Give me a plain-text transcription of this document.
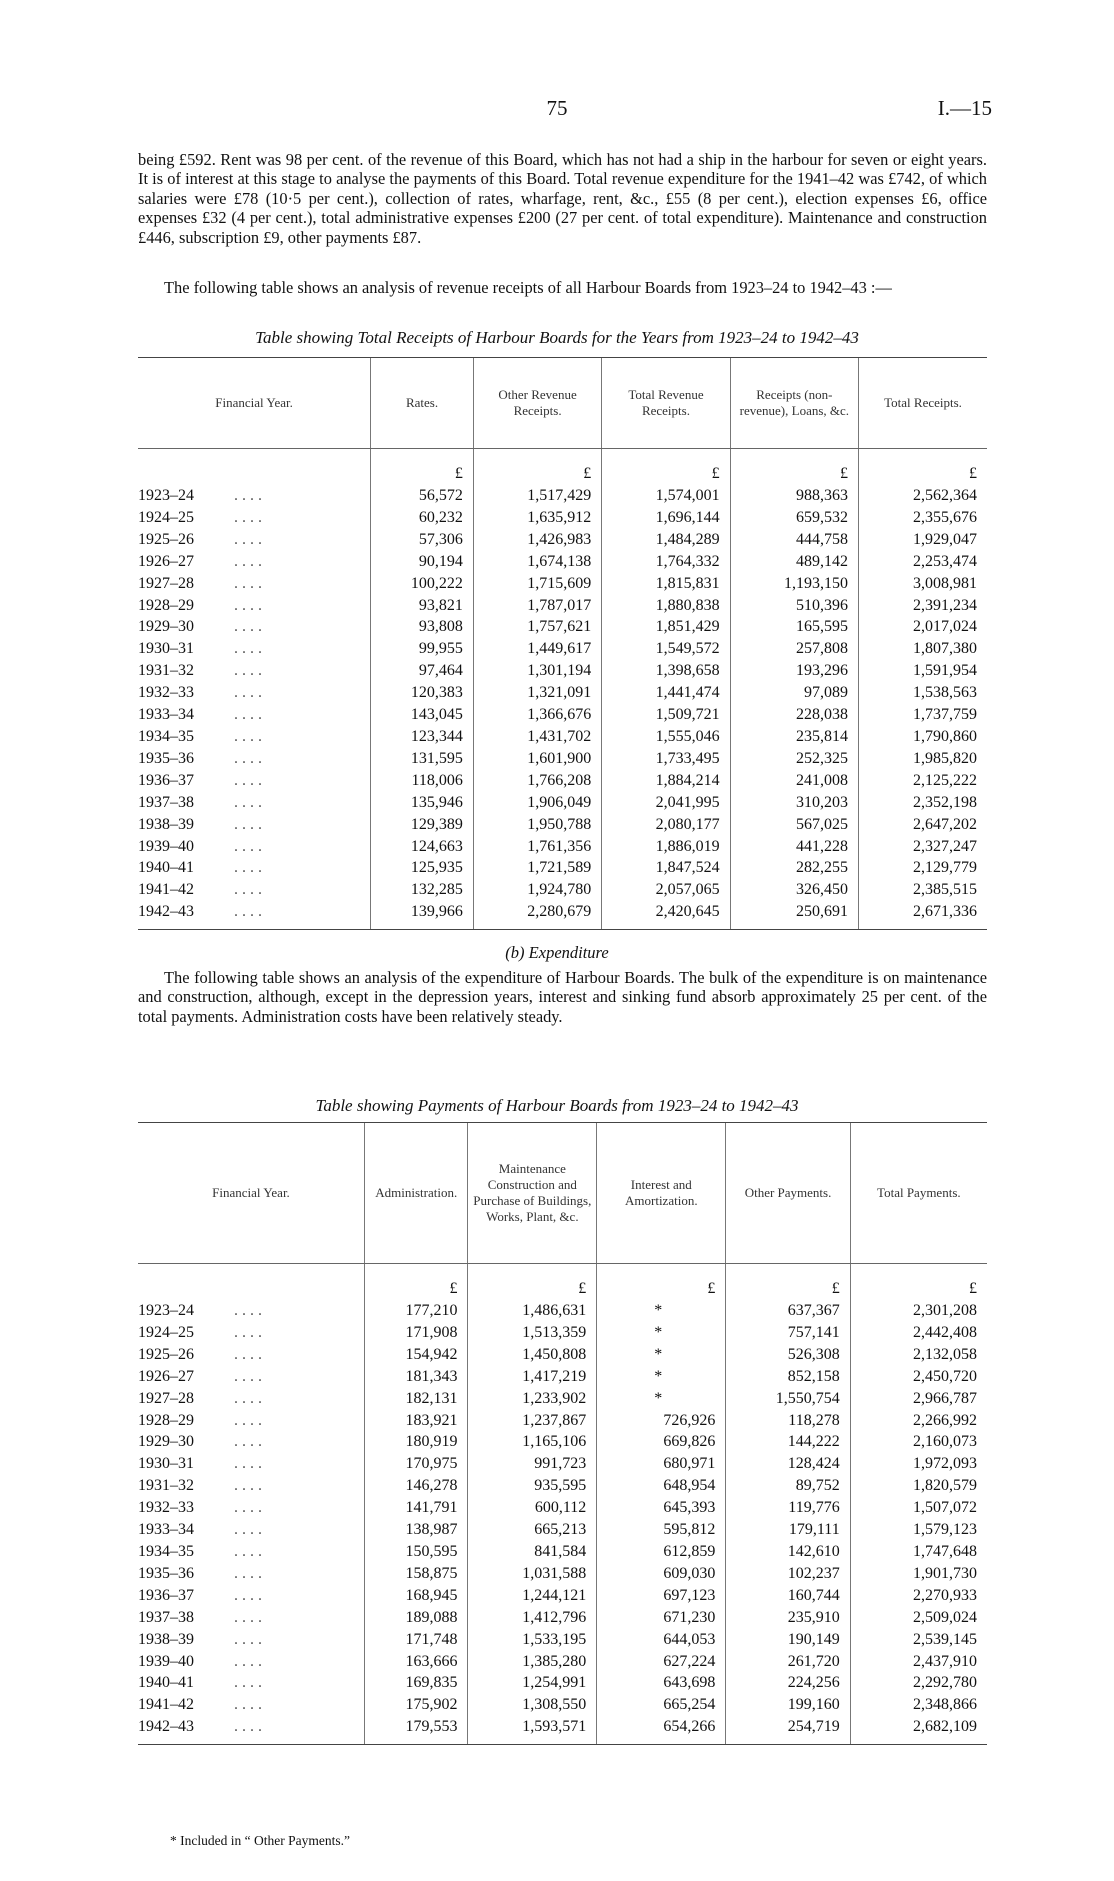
75	I.—15

being £592. Rent was 98 per cent. of the revenue of this Board, which has not had a ship in the harbour for seven or eight years. It is of interest at this stage to analyse the payments of this Board. Total revenue expenditure for the 1941–42 was £742, of which salaries were £78 (10·5 per cent.), collection of rates, wharfage, rent, &c., £55 (8 per cent.), election expenses £6, office expenses £32 (4 per cent.), total administrative expenses £200 (27 per cent. of total expenditure). Maintenance and construction £446, subscription £9, other payments £87.

The following table shows an analysis of revenue receipts of all Harbour Boards from 1923–24 to 1942–43 :—

Table showing Total Receipts of Harbour Boards for the Years from 1923–24 to 1942–43
Financial Year.	Rates.	Other Revenue Receipts.	Total Revenue Receipts.	Receipts (non-revenue), Loans, &c.	Total Receipts.
	£	£	£	£	£
1923–24 . . . .	56,572	1,517,429	1,574,001	988,363	2,562,364
1924–25 . . . .	60,232	1,635,912	1,696,144	659,532	2,355,676
1925–26 . . . .	57,306	1,426,983	1,484,289	444,758	1,929,047
1926–27 . . . .	90,194	1,674,138	1,764,332	489,142	2,253,474
1927–28 . . . .	100,222	1,715,609	1,815,831	1,193,150	3,008,981
1928–29 . . . .	93,821	1,787,017	1,880,838	510,396	2,391,234
1929–30 . . . .	93,808	1,757,621	1,851,429	165,595	2,017,024
1930–31 . . . .	99,955	1,449,617	1,549,572	257,808	1,807,380
1931–32 . . . .	97,464	1,301,194	1,398,658	193,296	1,591,954
1932–33 . . . .	120,383	1,321,091	1,441,474	97,089	1,538,563
1933–34 . . . .	143,045	1,366,676	1,509,721	228,038	1,737,759
1934–35 . . . .	123,344	1,431,702	1,555,046	235,814	1,790,860
1935–36 . . . .	131,595	1,601,900	1,733,495	252,325	1,985,820
1936–37 . . . .	118,006	1,766,208	1,884,214	241,008	2,125,222
1937–38 . . . .	135,946	1,906,049	2,041,995	310,203	2,352,198
1938–39 . . . .	129,389	1,950,788	2,080,177	567,025	2,647,202
1939–40 . . . .	124,663	1,761,356	1,886,019	441,228	2,327,247
1940–41 . . . .	125,935	1,721,589	1,847,524	282,255	2,129,779
1941–42 . . . .	132,285	1,924,780	2,057,065	326,450	2,385,515
1942–43 . . . .	139,966	2,280,679	2,420,645	250,691	2,671,336
(b) Expenditure

The following table shows an analysis of the expenditure of Harbour Boards. The bulk of the expenditure is on maintenance and construction, although, except in the depression years, interest and sinking fund absorb approximately 25 per cent. of the total payments. Administration costs have been relatively steady.

Table showing Payments of Harbour Boards from 1923–24 to 1942–43
Financial Year.	Administration.	Maintenance Construction and Purchase of Buildings, Works, Plant, &c.	Interest and Amortization.	Other Payments.	Total Payments.
	£	£	£	£	£
1923–24 . . . .	177,210	1,486,631	*	637,367	2,301,208
1924–25 . . . .	171,908	1,513,359	*	757,141	2,442,408
1925–26 . . . .	154,942	1,450,808	*	526,308	2,132,058
1926–27 . . . .	181,343	1,417,219	*	852,158	2,450,720
1927–28 . . . .	182,131	1,233,902	*	1,550,754	2,966,787
1928–29 . . . .	183,921	1,237,867	726,926	118,278	2,266,992
1929–30 . . . .	180,919	1,165,106	669,826	144,222	2,160,073
1930–31 . . . .	170,975	991,723	680,971	128,424	1,972,093
1931–32 . . . .	146,278	935,595	648,954	89,752	1,820,579
1932–33 . . . .	141,791	600,112	645,393	119,776	1,507,072
1933–34 . . . .	138,987	665,213	595,812	179,111	1,579,123
1934–35 . . . .	150,595	841,584	612,859	142,610	1,747,648
1935–36 . . . .	158,875	1,031,588	609,030	102,237	1,901,730
1936–37 . . . .	168,945	1,244,121	697,123	160,744	2,270,933
1937–38 . . . .	189,088	1,412,796	671,230	235,910	2,509,024
1938–39 . . . .	171,748	1,533,195	644,053	190,149	2,539,145
1939–40 . . . .	163,666	1,385,280	627,224	261,720	2,437,910
1940–41 . . . .	169,835	1,254,991	643,698	224,256	2,292,780
1941–42 . . . .	175,902	1,308,550	665,254	199,160	2,348,866
1942–43 . . . .	179,553	1,593,571	654,266	254,719	2,682,109
* Included in “ Other Payments.”
